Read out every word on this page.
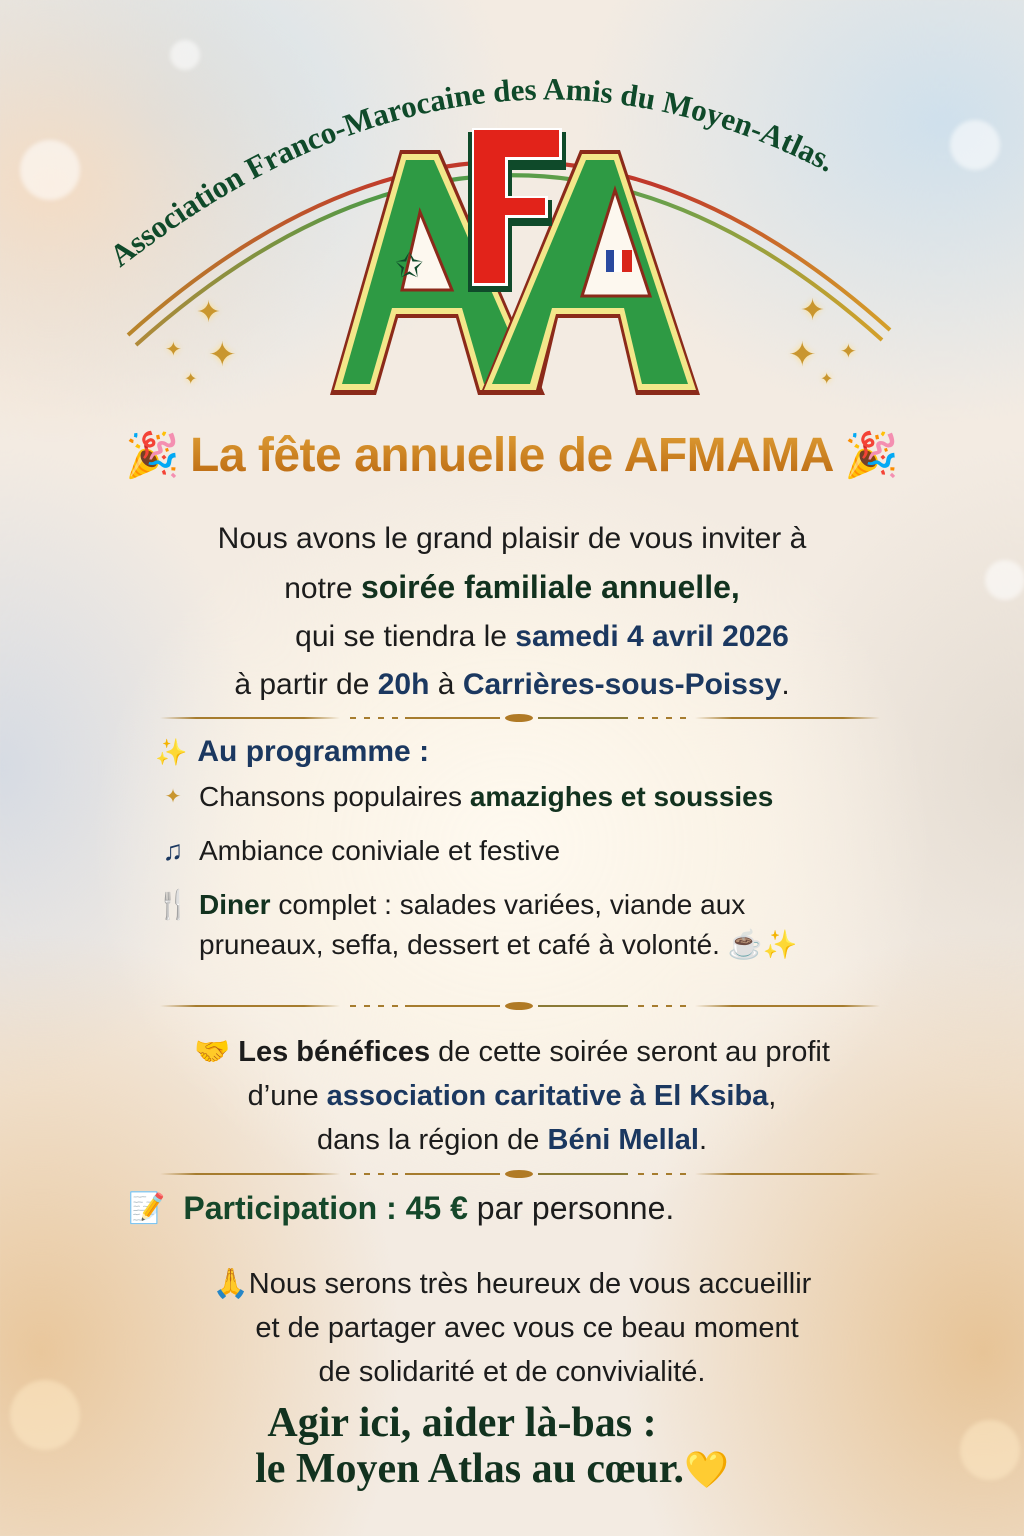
Association Franco-Marocaine des Amis du Moyen-Atlas.
✩
✦
✦ ✦
✦
✦
✦ ✦
✦
🎉 La fête annuelle de AFMAMA 🎉
Nous avons le grand plaisir de vous inviter à
notre soirée familiale annuelle,
qui se tiendra le samedi 4 avril 2026
à partir de 20h à Carrières-sous-Poissy.
✨ Au programme :
✦ Chansons populaires amazighes et soussies
♫ Ambiance coniviale et festive
🍴 Diner complet : salades variées, viande aux pruneaux, seffa, dessert et café à volonté. ☕✨
🤝 Les bénéfices de cette soirée seront au profit
d’une association caritative à El Ksiba,
dans la région de Béni Mellal.
📝 Participation : 45 € par personne.
🙏Nous serons très heureux de vous accueillir
et de partager avec vous ce beau moment
de solidarité et de convivialité.
Agir ici, aider là-bas :
le Moyen Atlas au cœur.💛
